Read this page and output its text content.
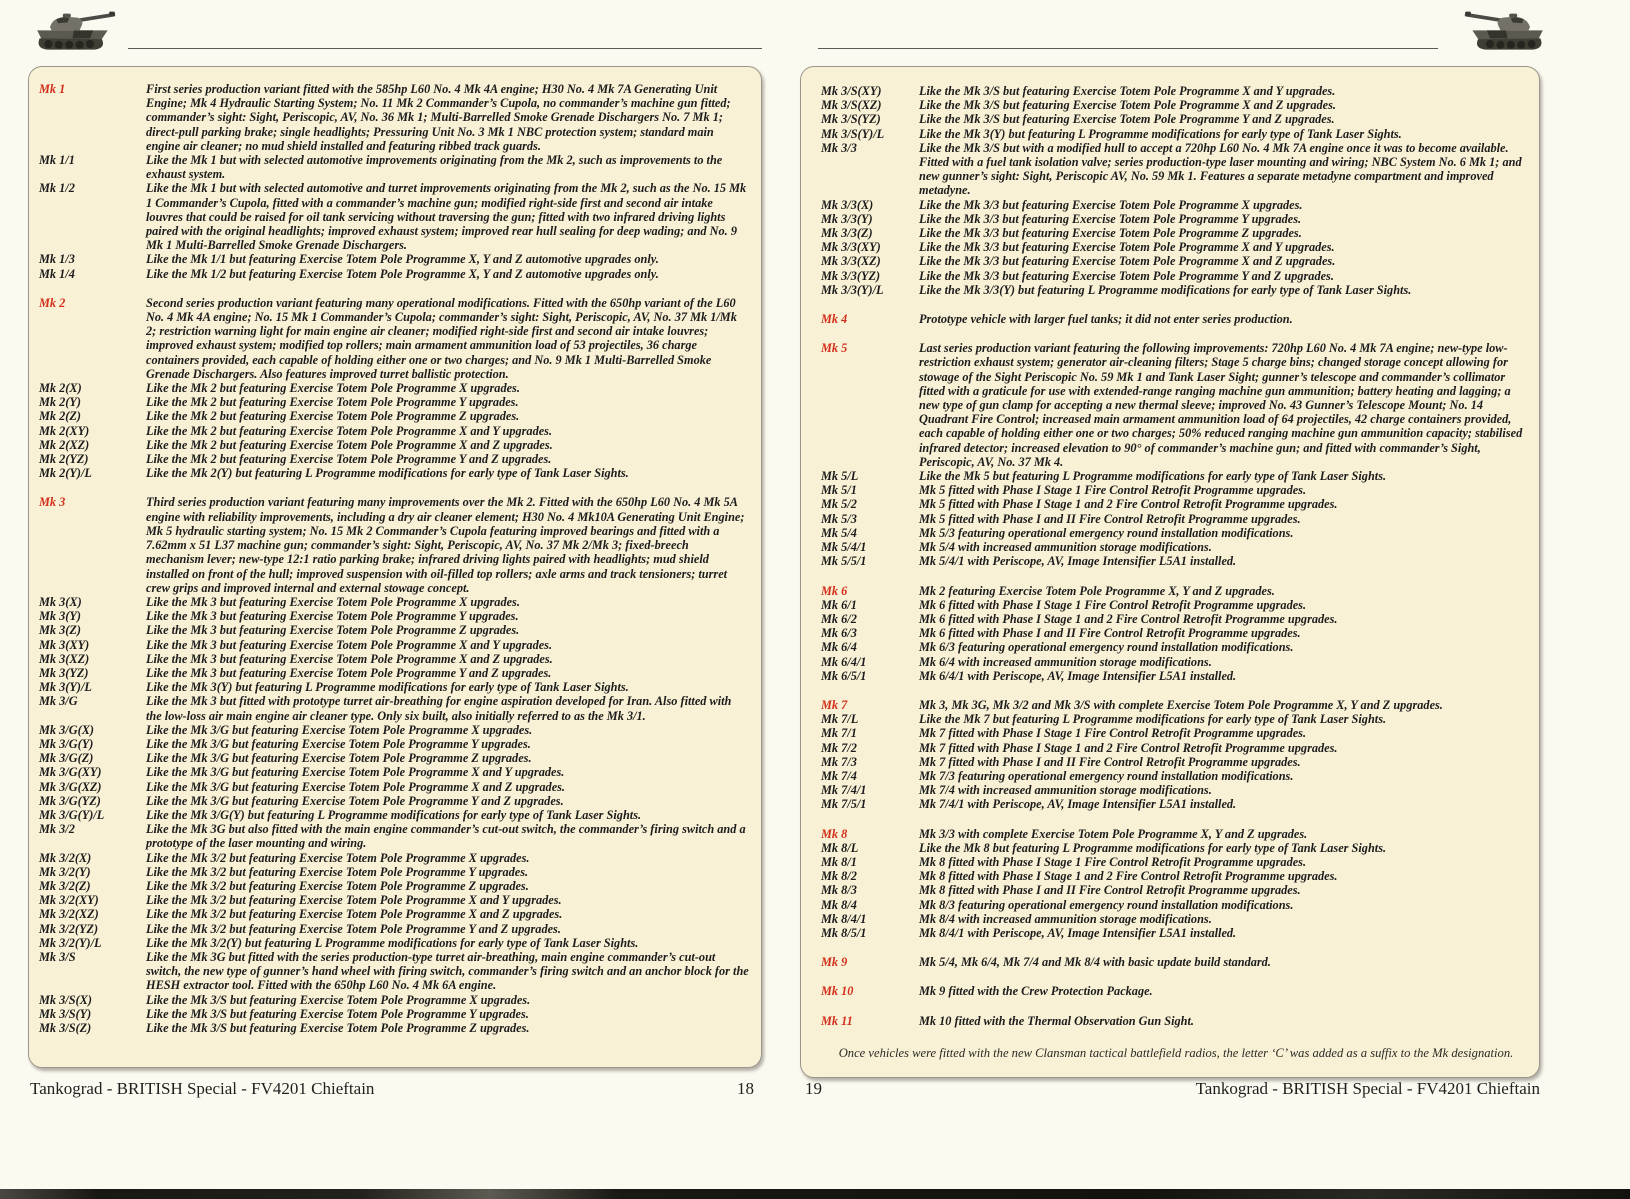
Mk 1	First series production variant fitted with the 585hp L60 No. 4 Mk 4A engine; H30 No. 4 Mk 7A Generating Unit Engine; Mk 4 Hydraulic Starting System; No. 11 Mk 2 Commander’s Cupola, no commander’s machine gun fitted; commander’s sight: Sight, Periscopic, AV, No. 36 Mk 1; Multi-Barrelled Smoke Grenade Dischargers No. 7 Mk 1; direct-pull parking brake; single headlights; Pressuring Unit No. 3 Mk 1 NBC protection system; standard main engine air cleaner; no mud shield installed and featuring ribbed track guards.
Mk 1/1	Like the Mk 1 but with selected automotive improvements originating from the Mk 2, such as improvements to the exhaust system.
Mk 1/2	Like the Mk 1 but with selected automotive and turret improvements originating from the Mk 2, such as the No. 15 Mk 1 Commander’s Cupola, fitted with a commander’s machine gun; modified right-side first and second air intake louvres that could be raised for oil tank servicing without traversing the gun; fitted with two infrared driving lights paired with the original headlights; improved exhaust system; improved rear hull sealing for deep wading; and No. 9 Mk 1 Multi-Barrelled Smoke Grenade Dischargers.
Mk 1/3	Like the Mk 1/1 but featuring Exercise Totem Pole Programme X, Y and Z automotive upgrades only.
Mk 1/4	Like the Mk 1/2 but featuring Exercise Totem Pole Programme X, Y and Z automotive upgrades only.
Mk 2	Second series production variant featuring many operational modifications. Fitted with the 650hp variant of the L60 No. 4 Mk 4A engine; No. 15 Mk 1 Commander’s Cupola; commander’s sight: Sight, Periscopic, AV, No. 37 Mk 1/Mk 2; restriction warning light for main engine air cleaner; modified right-side first and second air intake louvres; improved exhaust system; modified top rollers; main armament ammunition load of 53 projectiles, 36 charge containers provided, each capable of holding either one or two charges; and No. 9 Mk 1 Multi-Barrelled Smoke Grenade Dischargers. Also features improved turret ballistic protection.
Mk 2(X)	Like the Mk 2 but featuring Exercise Totem Pole Programme X upgrades.
Mk 2(Y)	Like the Mk 2 but featuring Exercise Totem Pole Programme Y upgrades.
Mk 2(Z)	Like the Mk 2 but featuring Exercise Totem Pole Programme Z upgrades.
Mk 2(XY)	Like the Mk 2 but featuring Exercise Totem Pole Programme X and Y upgrades.
Mk 2(XZ)	Like the Mk 2 but featuring Exercise Totem Pole Programme X and Z upgrades.
Mk 2(YZ)	Like the Mk 2 but featuring Exercise Totem Pole Programme Y and Z upgrades.
Mk 2(Y)/L	Like the Mk 2(Y) but featuring L Programme modifications for early type of Tank Laser Sights.
Mk 3	Third series production variant featuring many improvements over the Mk 2. Fitted with the 650hp L60 No. 4 Mk 5A engine with reliability improvements, including a dry air cleaner element; H30 No. 4 Mk10A Generating Unit Engine; Mk 5 hydraulic starting system; No. 15 Mk 2 Commander’s Cupola featuring improved bearings and fitted with a 7.62mm x 51 L37 machine gun; commander’s sight: Sight, Periscopic, AV, No. 37 Mk 2/Mk 3; fixed-breech mechanism lever; new-type 12:1 ratio parking brake; infrared driving lights paired with headlights; mud shield installed on front of the hull; improved suspension with oil-filled top rollers; axle arms and track tensioners; turret crew grips and improved internal and external stowage concept.
Mk 3(X)	Like the Mk 3 but featuring Exercise Totem Pole Programme X upgrades.
Mk 3(Y)	Like the Mk 3 but featuring Exercise Totem Pole Programme Y upgrades.
Mk 3(Z)	Like the Mk 3 but featuring Exercise Totem Pole Programme Z upgrades.
Mk 3(XY)	Like the Mk 3 but featuring Exercise Totem Pole Programme X and Y upgrades.
Mk 3(XZ)	Like the Mk 3 but featuring Exercise Totem Pole Programme X and Z upgrades.
Mk 3(YZ)	Like the Mk 3 but featuring Exercise Totem Pole Programme Y and Z upgrades.
Mk 3(Y)/L	Like the Mk 3(Y) but featuring L Programme modifications for early type of Tank Laser Sights.
Mk 3/G	Like the Mk 3 but fitted with prototype turret air-breathing for engine aspiration developed for Iran. Also fitted with the low-loss air main engine air cleaner type. Only six built, also initially referred to as the Mk 3/1.
Mk 3/G(X)	Like the Mk 3/G but featuring Exercise Totem Pole Programme X upgrades.
Mk 3/G(Y)	Like the Mk 3/G but featuring Exercise Totem Pole Programme Y upgrades.
Mk 3/G(Z)	Like the Mk 3/G but featuring Exercise Totem Pole Programme Z upgrades.
Mk 3/G(XY)	Like the Mk 3/G but featuring Exercise Totem Pole Programme X and Y upgrades.
Mk 3/G(XZ)	Like the Mk 3/G but featuring Exercise Totem Pole Programme X and Z upgrades.
Mk 3/G(YZ)	Like the Mk 3/G but featuring Exercise Totem Pole Programme Y and Z upgrades.
Mk 3/G(Y)/L	Like the Mk 3/G(Y) but featuring L Programme modifications for early type of Tank Laser Sights.
Mk 3/2	Like the Mk 3G but also fitted with the main engine commander’s cut-out switch, the commander’s firing switch and a prototype of the laser mounting and wiring.
Mk 3/2(X)	Like the Mk 3/2 but featuring Exercise Totem Pole Programme X upgrades.
Mk 3/2(Y)	Like the Mk 3/2 but featuring Exercise Totem Pole Programme Y upgrades.
Mk 3/2(Z)	Like the Mk 3/2 but featuring Exercise Totem Pole Programme Z upgrades.
Mk 3/2(XY)	Like the Mk 3/2 but featuring Exercise Totem Pole Programme X and Y upgrades.
Mk 3/2(XZ)	Like the Mk 3/2 but featuring Exercise Totem Pole Programme X and Z upgrades.
Mk 3/2(YZ)	Like the Mk 3/2 but featuring Exercise Totem Pole Programme Y and Z upgrades.
Mk 3/2(Y)/L	Like the Mk 3/2(Y) but featuring L Programme modifications for early type of Tank Laser Sights.
Mk 3/S	Like the Mk 3G but fitted with the series production-type turret air-breathing, main engine commander’s cut-out switch, the new type of gunner’s hand wheel with firing switch, commander’s firing switch and an anchor block for the HESH extractor tool. Fitted with the 650hp L60 No. 4 Mk 6A engine.
Mk 3/S(X)	Like the Mk 3/S but featuring Exercise Totem Pole Programme X upgrades.
Mk 3/S(Y)	Like the Mk 3/S but featuring Exercise Totem Pole Programme Y upgrades.
Mk 3/S(Z)	Like the Mk 3/S but featuring Exercise Totem Pole Programme Z upgrades.
Tankograd - BRITISH Special - FV4201 Chieftain	18
Mk 3/S(XY)	Like the Mk 3/S but featuring Exercise Totem Pole Programme X and Y upgrades.
Mk 3/S(XZ)	Like the Mk 3/S but featuring Exercise Totem Pole Programme X and Z upgrades.
Mk 3/S(YZ)	Like the Mk 3/S but featuring Exercise Totem Pole Programme Y and Z upgrades.
Mk 3/S(Y)/L	Like the Mk 3(Y) but featuring L Programme modifications for early type of Tank Laser Sights.
Mk 3/3	Like the Mk 3/S but with a modified hull to accept a 720hp L60 No. 4 Mk 7A engine once it was to become available. Fitted with a fuel tank isolation valve; series production-type laser mounting and wiring; NBC System No. 6 Mk 1; and new gunner’s sight: Sight, Periscopic AV, No. 59 Mk 1. Features a separate metadyne compartment and improved metadyne.
Mk 3/3(X)	Like the Mk 3/3 but featuring Exercise Totem Pole Programme X upgrades.
Mk 3/3(Y)	Like the Mk 3/3 but featuring Exercise Totem Pole Programme Y upgrades.
Mk 3/3(Z)	Like the Mk 3/3 but featuring Exercise Totem Pole Programme Z upgrades.
Mk 3/3(XY)	Like the Mk 3/3 but featuring Exercise Totem Pole Programme X and Y upgrades.
Mk 3/3(XZ)	Like the Mk 3/3 but featuring Exercise Totem Pole Programme X and Z upgrades.
Mk 3/3(YZ)	Like the Mk 3/3 but featuring Exercise Totem Pole Programme Y and Z upgrades.
Mk 3/3(Y)/L	Like the Mk 3/3(Y) but featuring L Programme modifications for early type of Tank Laser Sights.
Mk 4	Prototype vehicle with larger fuel tanks; it did not enter series production.
Mk 5	Last series production variant featuring the following improvements: 720hp L60 No. 4 Mk 7A engine; new-type low-restriction exhaust system; generator air-cleaning filters; Stage 5 charge bins; changed storage concept allowing for stowage of the Sight Periscopic No. 59 Mk 1 and Tank Laser Sight; gunner’s telescope and commander’s collimator fitted with a graticule for use with extended-range ranging machine gun ammunition; battery heating and lagging; a new type of gun clamp for accepting a new thermal sleeve; improved No. 43 Gunner’s Telescope Mount; No. 14 Quadrant Fire Control; increased main armament ammunition load of 64 projectiles, 42 charge containers provided, each capable of holding either one or two charges; 50% reduced ranging machine gun ammunition capacity; stabilised infrared detector; increased elevation to 90° of commander’s machine gun; and fitted with commander’s Sight, Periscopic, AV, No. 37 Mk 4.
Mk 5/L	Like the Mk 5 but featuring L Programme modifications for early type of Tank Laser Sights.
Mk 5/1	Mk 5 fitted with Phase I Stage 1 Fire Control Retrofit Programme upgrades.
Mk 5/2	Mk 5 fitted with Phase I Stage 1 and 2 Fire Control Retrofit Programme upgrades.
Mk 5/3	Mk 5 fitted with Phase I and II Fire Control Retrofit Programme upgrades.
Mk 5/4	Mk 5/3 featuring operational emergency round installation modifications.
Mk 5/4/1	Mk 5/4 with increased ammunition storage modifications.
Mk 5/5/1	Mk 5/4/1 with Periscope, AV, Image Intensifier L5A1 installed.
Mk 6	Mk 2 featuring Exercise Totem Pole Programme X, Y and Z upgrades.
Mk 6/1	Mk 6 fitted with Phase I Stage 1 Fire Control Retrofit Programme upgrades.
Mk 6/2	Mk 6 fitted with Phase I Stage 1 and 2 Fire Control Retrofit Programme upgrades.
Mk 6/3	Mk 6 fitted with Phase I and II Fire Control Retrofit Programme upgrades.
Mk 6/4	Mk 6/3 featuring operational emergency round installation modifications.
Mk 6/4/1	Mk 6/4 with increased ammunition storage modifications.
Mk 6/5/1	Mk 6/4/1 with Periscope, AV, Image Intensifier L5A1 installed.
Mk 7	Mk 3, Mk 3G, Mk 3/2 and Mk 3/S with complete Exercise Totem Pole Programme X, Y and Z upgrades.
Mk 7/L	Like the Mk 7 but featuring L Programme modifications for early type of Tank Laser Sights.
Mk 7/1	Mk 7 fitted with Phase I Stage 1 Fire Control Retrofit Programme upgrades.
Mk 7/2	Mk 7 fitted with Phase I Stage 1 and 2 Fire Control Retrofit Programme upgrades.
Mk 7/3	Mk 7 fitted with Phase I and II Fire Control Retrofit Programme upgrades.
Mk 7/4	Mk 7/3 featuring operational emergency round installation modifications.
Mk 7/4/1	Mk 7/4 with increased ammunition storage modifications.
Mk 7/5/1	Mk 7/4/1 with Periscope, AV, Image Intensifier L5A1 installed.
Mk 8	Mk 3/3 with complete Exercise Totem Pole Programme X, Y and Z upgrades.
Mk 8/L	Like the Mk 8 but featuring L Programme modifications for early type of Tank Laser Sights.
Mk 8/1	Mk 8 fitted with Phase I Stage 1 Fire Control Retrofit Programme upgrades.
Mk 8/2	Mk 8 fitted with Phase I Stage 1 and 2 Fire Control Retrofit Programme upgrades.
Mk 8/3	Mk 8 fitted with Phase I and II Fire Control Retrofit Programme upgrades.
Mk 8/4	Mk 8/3 featuring operational emergency round installation modifications.
Mk 8/4/1	Mk 8/4 with increased ammunition storage modifications.
Mk 8/5/1	Mk 8/4/1 with Periscope, AV, Image Intensifier L5A1 installed.
Mk 9	Mk 5/4, Mk 6/4, Mk 7/4 and Mk 8/4 with basic update build standard.
Mk 10	Mk 9 fitted with the Crew Protection Package.
Mk 11	Mk 10 fitted with the Thermal Observation Gun Sight.
Once vehicles were fitted with the new Clansman tactical battlefield radios, the letter ‘C’ was added as a suffix to the Mk designation.
19	Tankograd - BRITISH Special - FV4201 Chieftain
